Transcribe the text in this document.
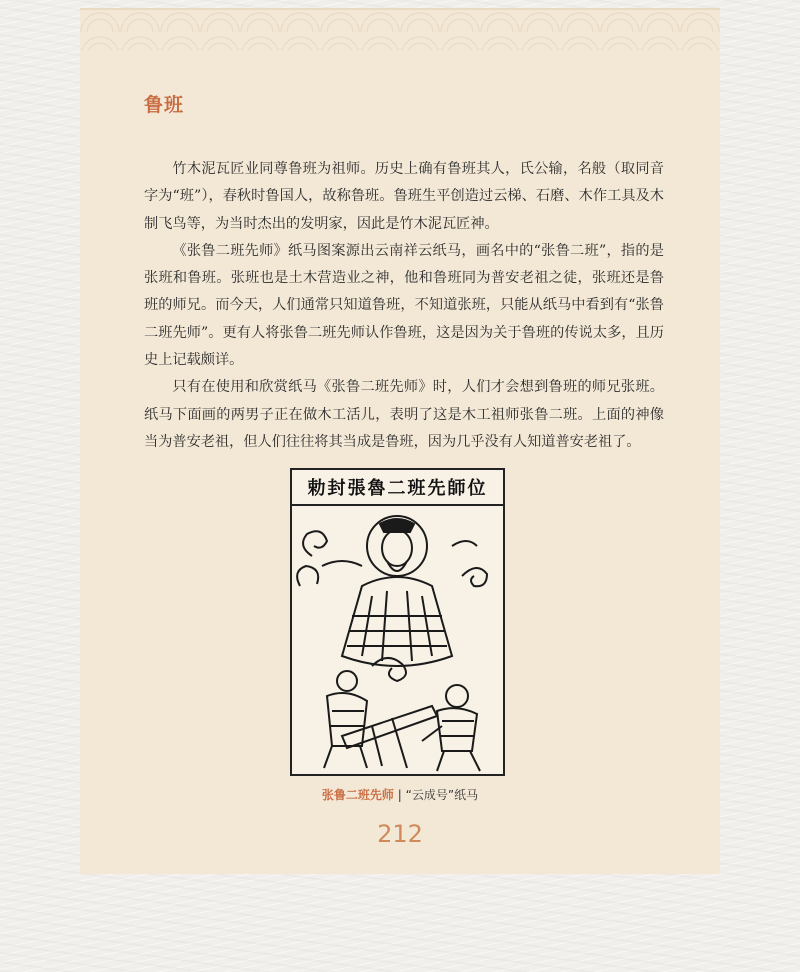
鲁班

竹木泥瓦匠业同尊鲁班为祖师。历史上确有鲁班其人，氏公输，名般（取同音字为“班”），春秋时鲁国人，故称鲁班。鲁班生平创造过云梯、石磨、木作工具及木制飞鸟等，为当时杰出的发明家，因此是竹木泥瓦匠神。

《张鲁二班先师》纸马图案源出云南祥云纸马，画名中的“张鲁二班”，指的是张班和鲁班。张班也是土木营造业之神，他和鲁班同为普安老祖之徒，张班还是鲁班的师兄。而今天，人们通常只知道鲁班，不知道张班，只能从纸马中看到有“张鲁二班先师”。更有人将张鲁二班先师认作鲁班，这是因为关于鲁班的传说太多，且历史上记载颇详。

只有在使用和欣赏纸马《张鲁二班先师》时，人们才会想到鲁班的师兄张班。纸马下面画的两男子正在做木工活儿，表明了这是木工祖师张鲁二班。上面的神像当为普安老祖，但人们往往将其当成是鲁班，因为几乎没有人知道普安老祖了。

勅封張魯二班先師位
张鲁二班先师 | “云成号”纸马
212
